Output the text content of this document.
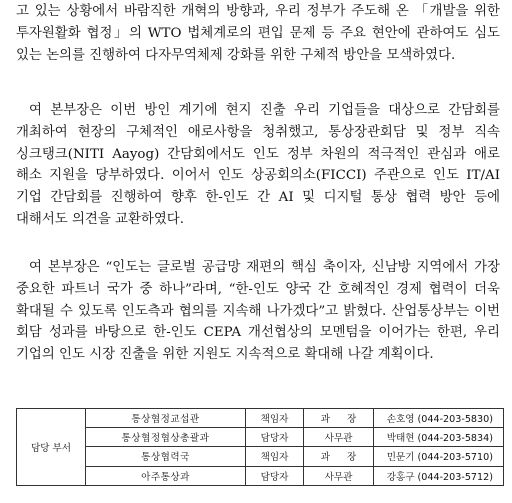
고 있는 상황에서 바람직한 개혁의 방향과, 우리 정부가 주도해 온 「개발을 위한 투자원활화 협정」의 WTO 법체계로의 편입 문제 등 주요 현안에 관하여도 심도 있는 논의를 진행하여 다자무역체제 강화를 위한 구체적 방안을 모색하였다.

여 본부장은 이번 방인 계기에 현지 진출 우리 기업들을 대상으로 간담회를 개최하여 현장의 구체적인 애로사항을 청취했고, 통상장관회담 및 정부 직속 싱크탱크(NITI Aayog) 간담회에서도 인도 정부 차원의 적극적인 관심과 애로 해소 지원을 당부하였다. 이어서 인도 상공회의소(FICCI) 주관으로 인도 IT/AI 기업 간담회를 진행하여 향후 한-인도 간 AI 및 디지털 통상 협력 방안 등에 대해서도 의견을 교환하였다.

여 본부장은 “인도는 글로벌 공급망 재편의 핵심 축이자, 신남방 지역에서 가장 중요한 파트너 국가 중 하나”라며, “한-인도 양국 간 호혜적인 경제 협력이 더욱 확대될 수 있도록 인도측과 협의를 지속해 나가겠다”고 밝혔다. 산업통상부는 이번 회담 성과를 바탕으로 한-인도 CEPA 개선협상의 모멘텀을 이어가는 한편, 우리 기업의 인도 시장 진출을 위한 지원도 지속적으로 확대해 나갈 계획이다.

담당 부서	통상협정교섭관	책임자	과 장	손호영 (044-203-5830)
	통상협정협상총괄과	담당자	사무관	박태현 (044-203-5834)
	통상협력국	책임자	과 장	민문기 (044-203-5710)
	아주통상과	담당자	사무관	강홍구 (044-203-5712)
